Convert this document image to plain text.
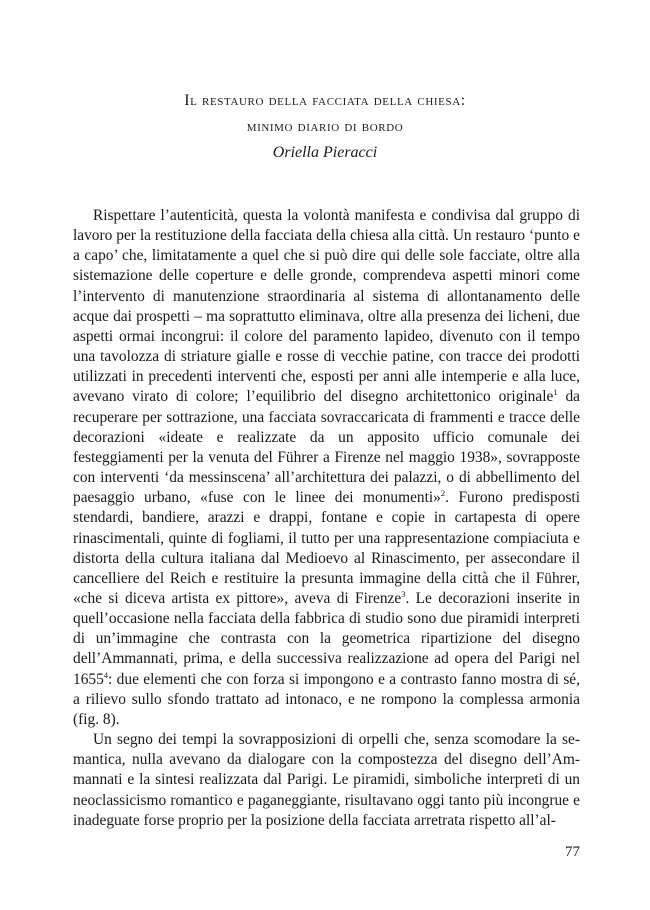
Il restauro della facciata della chiesa:
minimo diario di bordo
Oriella Pieracci

Rispettare l’autenticità, questa la volontà manifesta e condivisa dal gruppo di lavoro per la restituzione della facciata della chiesa alla città. Un restauro ‘punto e a capo’ che, limitatamente a quel che si può dire qui delle sole facciate, oltre alla sistemazione delle coperture e delle gronde, comprendeva aspetti minori come l’intervento di manutenzione straordinaria al sistema di allontanamento delle acque dai prospetti – ma soprattutto eliminava, oltre alla presenza dei licheni, due aspetti ormai incongrui: il colore del paramento lapideo, divenuto con il tempo una tavolozza di striature gialle e rosse di vecchie patine, con tracce dei prodotti utilizzati in precedenti interventi che, esposti per anni alle intemperie e alla luce, avevano virato di colore; l’equilibrio del disegno architettonico originale$^1$ da recuperare per sottrazione, una facciata sovraccaricata di frammenti e tracce delle decorazioni «ideate e realizzate da un apposito ufficio comunale dei festeggiamenti per la venuta del Führer a Firenze nel maggio 1938», sovrapposte con interventi ‘da messinscena’ all’architettura dei palazzi, o di abbellimento del paesaggio urbano, «fuse con le linee dei monumenti»$^2$. Furono predisposti stendardi, bandiere, arazzi e drappi, fontane e copie in cartapesta di opere rinascimentali, quinte di fogliami, il tutto per una rappresentazione compiaciuta e distorta della cultura italiana dal Medioevo al Rinascimento, per assecondare il cancelliere del Reich e restituire la presunta immagine della città che il Führer, «che si diceva artista ex pittore», aveva di Firenze$^3$. Le decorazioni inserite in quell’occasione nella facciata della fabbrica di studio sono due piramidi interpreti di un’immagine che contrasta con la geometrica ripartizione del disegno dell’Ammannati, prima, e della successiva realizzazione ad opera del Parigi nel 1655$^4$: due elementi che con forza si impongono e a contrasto fanno mostra di sé, a rilievo sullo sfondo trattato ad intonaco, e ne rompono la complessa armonia (fig. 8).

Un segno dei tempi la sovrapposizioni di orpelli che, senza scomodare la semantica, nulla avevano da dialogare con la compostezza del disegno dell’Ammannati e la sintesi realizzata dal Parigi. Le piramidi, simboliche interpreti di un neoclassicismo romantico e paganeggiante, risultavano oggi tanto più incongrue e inadeguate forse proprio per la posizione della facciata arretrata rispetto all’al-

77
